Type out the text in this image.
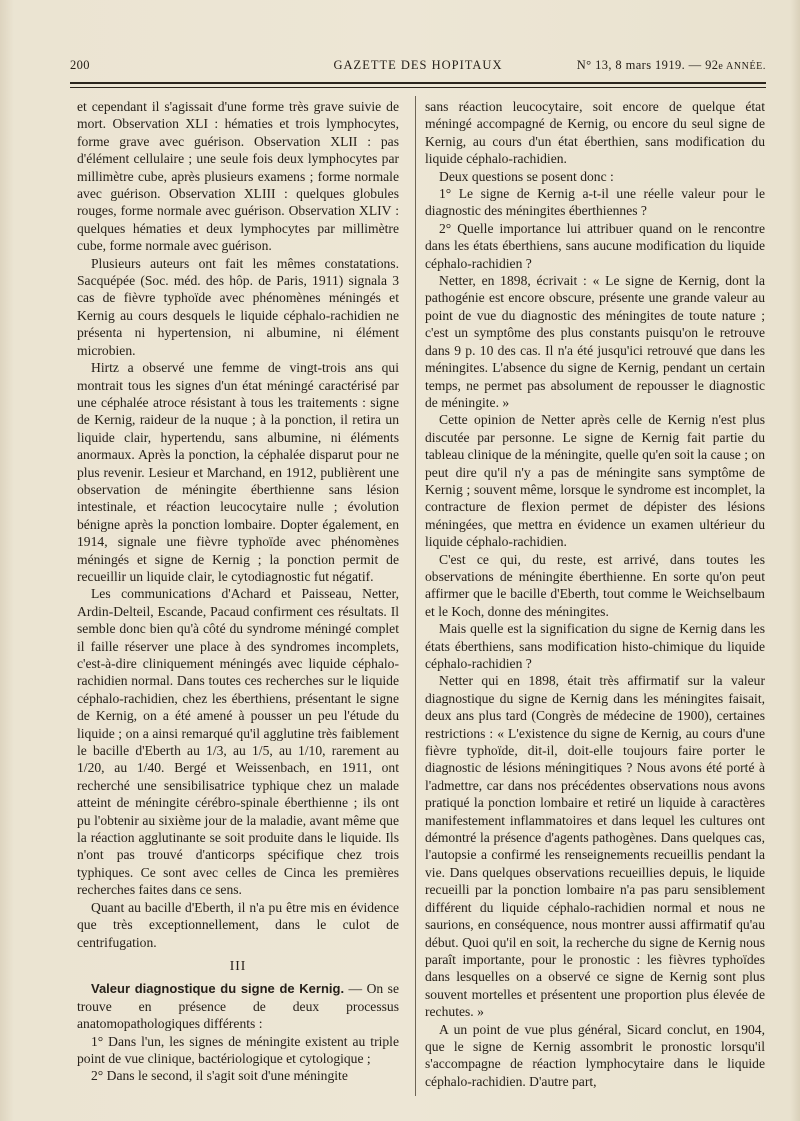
200	GAZETTE DES HOPITAUX	N° 13, 8 mars 1919. — 92e ANNÉE.

et cependant il s'agissait d'une forme très grave suivie de mort. Observation XLI : hématies et trois lymphocytes, forme grave avec guérison. Observation XLII : pas d'élément cellulaire ; une seule fois deux lymphocytes par millimètre cube, après plusieurs examens ; forme normale avec guérison. Observation XLIII : quelques globules rouges, forme normale avec guérison. Observation XLIV : quelques hématies et deux lymphocytes par millimètre cube, forme normale avec guérison.

Plusieurs auteurs ont fait les mêmes constatations. Sacquépée (Soc. méd. des hôp. de Paris, 1911) signala 3 cas de fièvre typhoïde avec phénomènes méningés et Kernig au cours desquels le liquide céphalo-rachidien ne présenta ni hypertension, ni albumine, ni élément microbien.

Hirtz a observé une femme de vingt-trois ans qui montrait tous les signes d'un état méningé caractérisé par une céphalée atroce résistant à tous les traitements : signe de Kernig, raideur de la nuque ; à la ponction, il retira un liquide clair, hypertendu, sans albumine, ni éléments anormaux. Après la ponction, la céphalée disparut pour ne plus revenir. Lesieur et Marchand, en 1912, publièrent une observation de méningite éberthienne sans lésion intestinale, et réaction leucocytaire nulle ; évolution bénigne après la ponction lombaire. Dopter également, en 1914, signale une fièvre typhoïde avec phénomènes méningés et signe de Kernig ; la ponction permit de recueillir un liquide clair, le cytodiagnostic fut négatif.

Les communications d'Achard et Paisseau, Netter, Ardin-Delteil, Escande, Pacaud confirment ces résultats. Il semble donc bien qu'à côté du syndrome méningé complet il faille réserver une place à des syndromes incomplets, c'est-à-dire cliniquement méningés avec liquide céphalo-rachidien normal. Dans toutes ces recherches sur le liquide céphalo-rachidien, chez les éberthiens, présentant le signe de Kernig, on a été amené à pousser un peu l'étude du liquide ; on a ainsi remarqué qu'il agglutine très faiblement le bacille d'Eberth au 1/3, au 1/5, au 1/10, rarement au 1/20, au 1/40. Bergé et Weissenbach, en 1911, ont recherché une sensibilisatrice typhique chez un malade atteint de méningite cérébro-spinale éberthienne ; ils ont pu l'obtenir au sixième jour de la maladie, avant même que la réaction agglutinante se soit produite dans le liquide. Ils n'ont pas trouvé d'anticorps spécifique chez trois typhiques. Ce sont avec celles de Cinca les premières recherches faites dans ce sens.

Quant au bacille d'Eberth, il n'a pu être mis en évidence que très exceptionnellement, dans le culot de centrifugation.

III

Valeur diagnostique du signe de Kernig. — On se trouve en présence de deux processus anatomopathologiques différents :

1° Dans l'un, les signes de méningite existent au triple point de vue clinique, bactériologique et cytologique ;

2° Dans le second, il s'agit soit d'une méningite

sans réaction leucocytaire, soit encore de quelque état méningé accompagné de Kernig, ou encore du seul signe de Kernig, au cours d'un état éberthien, sans modification du liquide céphalo-rachidien.

Deux questions se posent donc :

1° Le signe de Kernig a-t-il une réelle valeur pour le diagnostic des méningites éberthiennes ?

2° Quelle importance lui attribuer quand on le rencontre dans les états éberthiens, sans aucune modification du liquide céphalo-rachidien ?

Netter, en 1898, écrivait : « Le signe de Kernig, dont la pathogénie est encore obscure, présente une grande valeur au point de vue du diagnostic des méningites de toute nature ; c'est un symptôme des plus constants puisqu'on le retrouve dans 9 p. 10 des cas. Il n'a été jusqu'ici retrouvé que dans les méningites. L'absence du signe de Kernig, pendant un certain temps, ne permet pas absolument de repousser le diagnostic de méningite. »

Cette opinion de Netter après celle de Kernig n'est plus discutée par personne. Le signe de Kernig fait partie du tableau clinique de la méningite, quelle qu'en soit la cause ; on peut dire qu'il n'y a pas de méningite sans symptôme de Kernig ; souvent même, lorsque le syndrome est incomplet, la contracture de flexion permet de dépister des lésions méningées, que mettra en évidence un examen ultérieur du liquide céphalo-rachidien.

C'est ce qui, du reste, est arrivé, dans toutes les observations de méningite éberthienne. En sorte qu'on peut affirmer que le bacille d'Eberth, tout comme le Weichselbaum et le Koch, donne des méningites.

Mais quelle est la signification du signe de Kernig dans les états éberthiens, sans modification histo-chimique du liquide céphalo-rachidien ?

Netter qui en 1898, était très affirmatif sur la valeur diagnostique du signe de Kernig dans les méningites faisait, deux ans plus tard (Congrès de médecine de 1900), certaines restrictions : « L'existence du signe de Kernig, au cours d'une fièvre typhoïde, dit-il, doit-elle toujours faire porter le diagnostic de lésions méningitiques ? Nous avons été porté à l'admettre, car dans nos précédentes observations nous avons pratiqué la ponction lombaire et retiré un liquide à caractères manifestement inflammatoires et dans lequel les cultures ont démontré la présence d'agents pathogènes. Dans quelques cas, l'autopsie a confirmé les renseignements recueillis pendant la vie. Dans quelques observations recueillies depuis, le liquide recueilli par la ponction lombaire n'a pas paru sensiblement différent du liquide céphalo-rachidien normal et nous ne saurions, en conséquence, nous montrer aussi affirmatif qu'au début. Quoi qu'il en soit, la recherche du signe de Kernig nous paraît importante, pour le pronostic : les fièvres typhoïdes dans lesquelles on a observé ce signe de Kernig sont plus souvent mortelles et présentent une proportion plus élevée de rechutes. »

A un point de vue plus général, Sicard conclut, en 1904, que le signe de Kernig assombrit le pronostic lorsqu'il s'accompagne de réaction lymphocytaire dans le liquide céphalo-rachidien. D'autre part,
